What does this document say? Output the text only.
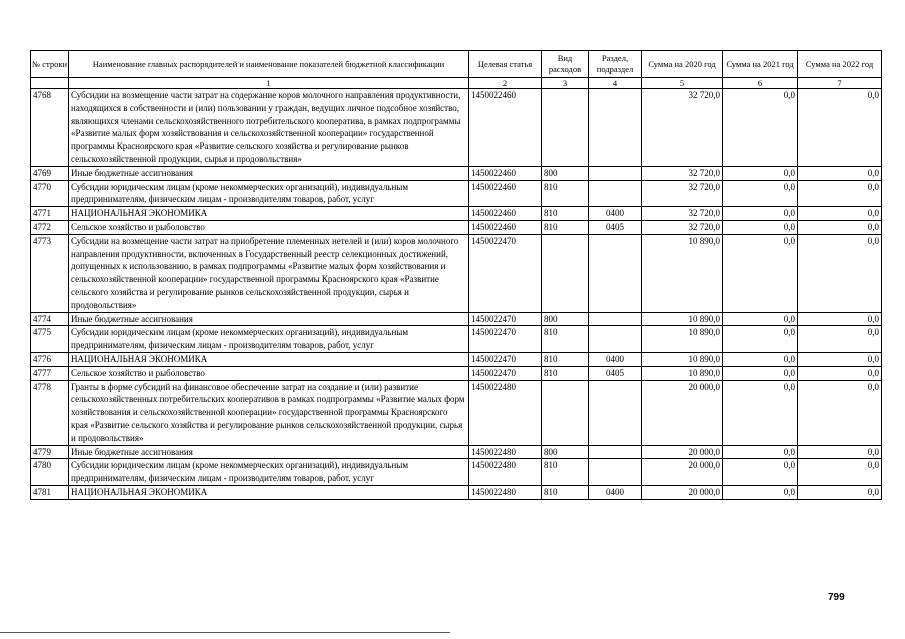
№ строки	Наименование главных распорядителей и наименование показателей бюджетной классификации	Целевая статья	Вид расходов	Раздел, подраздел	Сумма на 2020 год	Сумма на 2021 год	Сумма на 2022 год
	1	2	3	4	5	6	7
4768	Субсидии на возмещение части затрат на содержание коров молочного направления продуктивности, находящихся в собственности и (или) пользовании у граждан, ведущих личное подсобное хозяйство, являющихся членами сельскохозяйственного потребительского кооператива, в рамках подпрограммы «Развитие малых форм хозяйствования и сельскохозяйственной кооперации» государственной программы Красноярского края «Развитие сельского хозяйства и регулирование рынков сельскохозяйственной продукции, сырья и продовольствия»	1450022460			32 720,0	0,0	0,0
4769	Иные бюджетные ассигнования	1450022460	800		32 720,0	0,0	0,0
4770	Субсидии юридическим лицам (кроме некоммерческих организаций), индивидуальным предпринимателям, физическим лицам - производителям товаров, работ, услуг	1450022460	810		32 720,0	0,0	0,0
4771	НАЦИОНАЛЬНАЯ ЭКОНОМИКА	1450022460	810	0400	32 720,0	0,0	0,0
4772	Сельское хозяйство и рыболовство	1450022460	810	0405	32 720,0	0,0	0,0
4773	Субсидии на возмещение части затрат на приобретение племенных нетелей и (или) коров молочного направления продуктивности, включенных в Государственный реестр селекционных достижений, допущенных к использованию, в рамках подпрограммы «Развитие малых форм хозяйствования и сельскохозяйственной кооперации» государственной программы Красноярского края «Развитие сельского хозяйства и регулирование рынков сельскохозяйственной продукции, сырья и продовольствия»	1450022470			10 890,0	0,0	0,0
4774	Иные бюджетные ассигнования	1450022470	800		10 890,0	0,0	0,0
4775	Субсидии юридическим лицам (кроме некоммерческих организаций), индивидуальным предпринимателям, физическим лицам - производителям товаров, работ, услуг	1450022470	810		10 890,0	0,0	0,0
4776	НАЦИОНАЛЬНАЯ ЭКОНОМИКА	1450022470	810	0400	10 890,0	0,0	0,0
4777	Сельское хозяйство и рыболовство	1450022470	810	0405	10 890,0	0,0	0,0
4778	Гранты в форме субсидий на финансовое обеспечение затрат на создание и (или) развитие сельскохозяйственных потребительских кооперативов в рамках подпрограммы «Развитие малых форм хозяйствования и сельскохозяйственной кооперации» государственной программы Красноярского края «Развитие сельского хозяйства и регулирование рынков сельскохозяйственной продукции, сырья и продовольствия»	1450022480			20 000,0	0,0	0,0
4779	Иные бюджетные ассигнования	1450022480	800		20 000,0	0,0	0,0
4780	Субсидии юридическим лицам (кроме некоммерческих организаций), индивидуальным предпринимателям, физическим лицам - производителям товаров, работ, услуг	1450022480	810		20 000,0	0,0	0,0
4781	НАЦИОНАЛЬНАЯ ЭКОНОМИКА	1450022480	810	0400	20 000,0	0,0	0,0
799
